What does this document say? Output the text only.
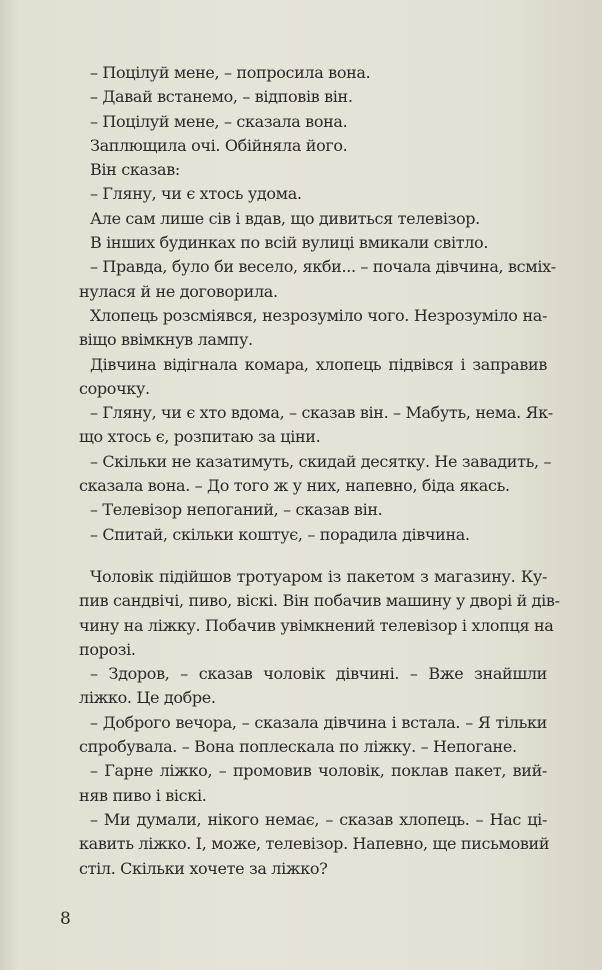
– Поцілуй мене, – попросила вона.
– Давай встанемо, – відповів він.
– Поцілуй мене, – сказала вона.
Заплющила очі. Обійняла його.
Він сказав:
– Гляну, чи є хтось удома.
Але сам лише сів і вдав, що дивиться телевізор.
В інших будинках по всій вулиці вмикали світло.
– Правда, було би весело, якби... – почала дівчина, всміх-
нулася й не договорила.
Хлопець розсміявся, незрозуміло чого. Незрозуміло на-
віщо ввімкнув лампу.
Дівчина відігнала комара, хлопець підвівся і заправив
сорочку.
– Гляну, чи є хто вдома, – сказав він. – Мабуть, нема. Як-
що хтось є, розпитаю за ціни.
– Скільки не казатимуть, скидай десятку. Не завадить, –
сказала вона. – До того ж у них, напевно, біда якась.
– Телевізор непоганий, – сказав він.
– Спитай, скільки коштує, – порадила дівчина.
Чоловік підійшов тротуаром із пакетом з магазину. Ку-
пив сандвічі, пиво, віскі. Він побачив машину у дворі й дів-
чину на ліжку. Побачив увімкнений телевізор і хлопця на
порозі.
– Здоров, – сказав чоловік дівчині. – Вже знайшли
ліжко. Це добре.
– Доброго вечора, – сказала дівчина і встала. – Я тільки
спробувала. – Вона поплескала по ліжку. – Непогане.
– Гарне ліжко, – промовив чоловік, поклав пакет, вий-
няв пиво і віскі.
– Ми думали, нікого немає, – сказав хлопець. – Нас ці-
кавить ліжко. І, може, телевізор. Напевно, ще письмовий
стіл. Скільки хочете за ліжко?
8
